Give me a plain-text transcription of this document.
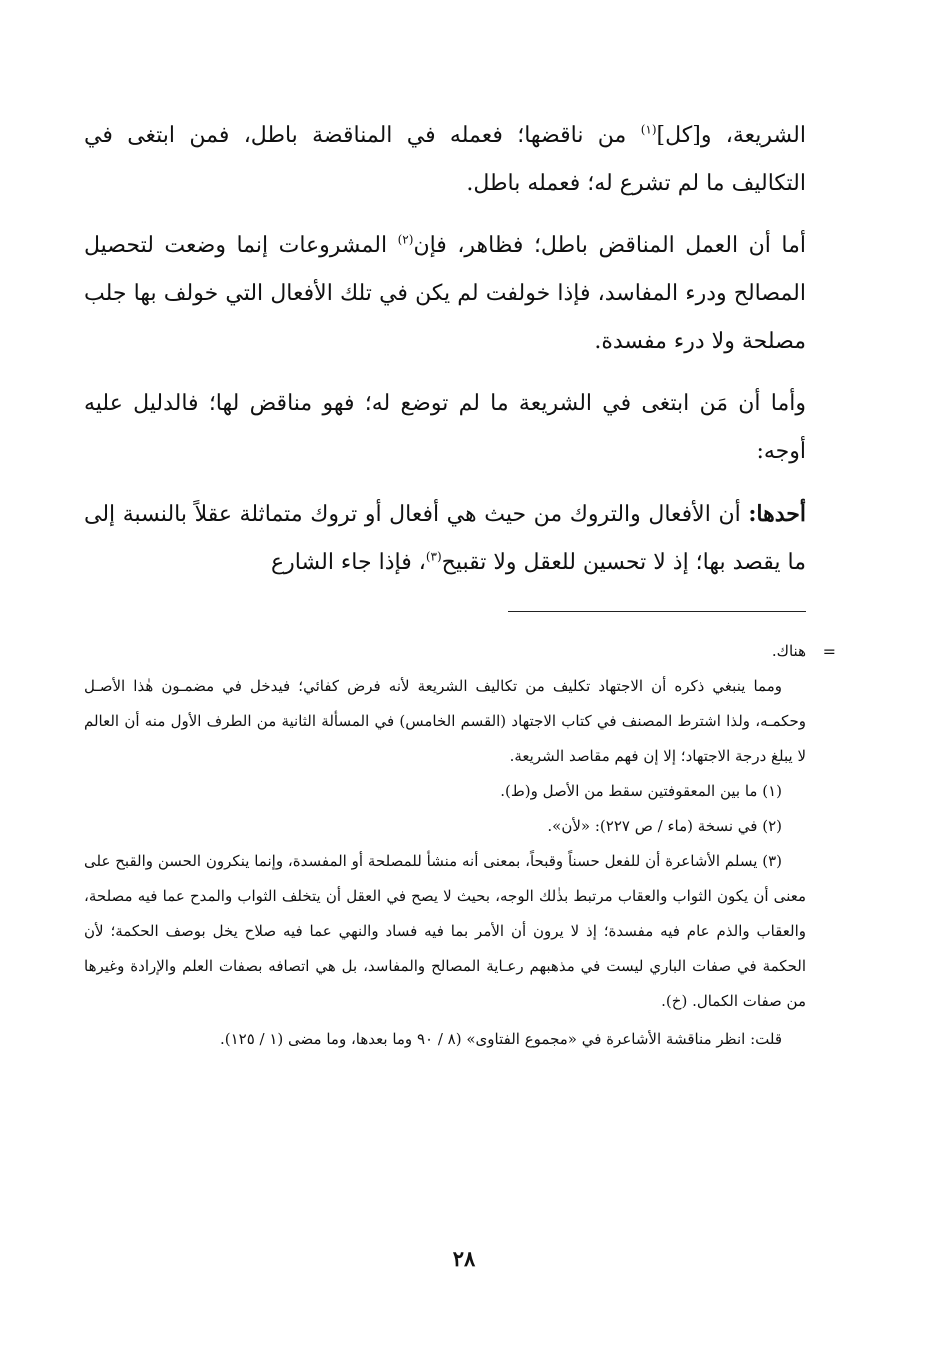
الشريعة، و[كل]$^{(١)}$ من ناقضها؛ فعمله في المناقضة باطل، فمن ابتغى في التكاليف ما لم تشرع له؛ فعمله باطل.

أما أن العمل المناقض باطل؛ فظاهر، فإن$^{(٢)}$ المشروعات إنما وضعت لتحصيل المصالح ودرء المفاسد، فإذا خولفت لم يكن في تلك الأفعال التي خولف بها جلب مصلحة ولا درء مفسدة.

وأما أن مَن ابتغى في الشريعة ما لم توضع له؛ فهو مناقض لها؛ فالدليل عليه أوجه:

أحدها: أن الأفعال والتروك من حيث هي أفعال أو تروك متماثلة عقلاً بالنسبة إلى ما يقصد بها؛ إذ لا تحسين للعقل ولا تقبيح$^{(٣)}$، فإذا جاء الشارع

=
هناك.

ومما ينبغي ذكره أن الاجتهاد تكليف من تكاليف الشريعة لأنه فرض كفائي؛ فيدخل في مضمـون هٰذا الأصـل وحكمـه، ولذا اشترط المصنف في كتاب الاجتهاد (القسم الخامس) في المسألة الثانية من الطرف الأول منه أن العالم لا يبلغ درجة الاجتهاد؛ إلا إن فهم مقاصد الشريعة.

(١) ما بين المعقوفتين سقط من الأصل و(ط).

(٢) في نسخة (ماء / ص ٢٢٧): «لأن».

(٣) يسلم الأشاعرة أن للفعل حسناً وقبحاً، بمعنى أنه منشأ للمصلحة أو المفسدة، وإنما ينكرون الحسن والقبح على معنى أن يكون الثواب والعقاب مرتبط بذٰلك الوجه، بحيث لا يصح في العقل أن يتخلف الثواب والمدح عما فيه مصلحة، والعقاب والذم عام فيه مفسدة؛ إذ لا يرون أن الأمر بما فيه فساد والنهي عما فيه صلاح يخل بوصف الحكمة؛ لأن الحكمة في صفات الباري ليست في مذهبهم رعـاية المصالح والمفاسد، بل هي اتصافه بصفات العلم والإرادة وغيرها من صفات الكمال. (خ).

قلت: انظر مناقشة الأشاعرة في «مجموع الفتاوى» (٨ / ٩٠ وما بعدها، وما مضى (١ / ١٢٥).

٢٨
